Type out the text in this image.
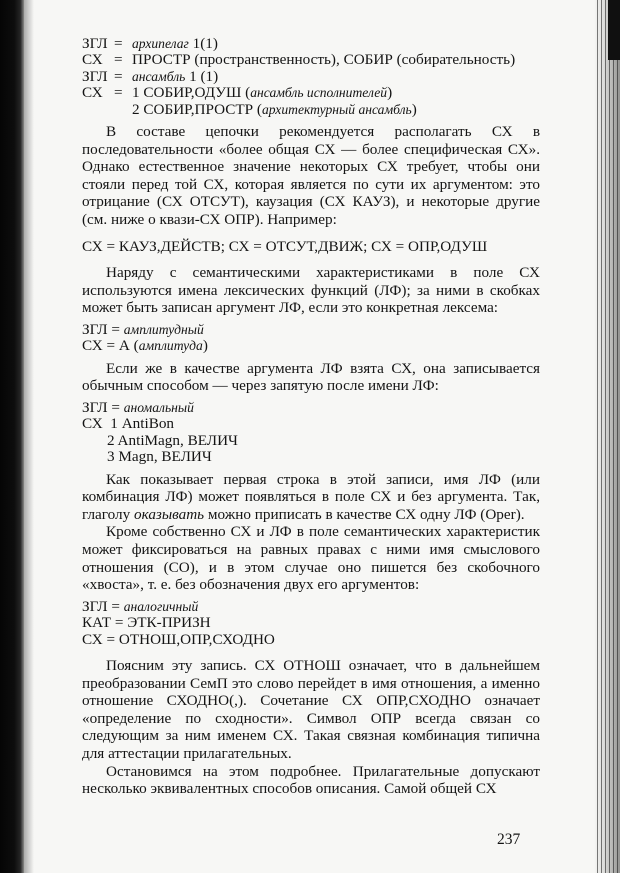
ЗГЛ = архипелаг 1(1)
СХ = ПРОСТР (пространственность), СОБИР (собирательность)
ЗГЛ = ансамбль 1 (1)
СХ = 1 СОБИР,ОДУШ (ансамбль исполнителей)
2 СОБИР,ПРОСТР (архитектурный ансамбль)

В составе цепочки рекомендуется располагать СХ в последовательности «более общая СХ — более специфическая СХ». Однако естественное значение некоторых СХ требует, чтобы они стояли перед той СХ, которая является по сути их аргументом: это отрицание (СХ ОТСУТ), каузация (СХ КАУЗ), и некоторые другие (см. ниже о квази-СХ ОПР). Например:

СХ = КАУЗ,ДЕЙСТВ; СХ = ОТСУТ,ДВИЖ; СХ = ОПР,ОДУШ

Наряду с семантическими характеристиками в поле СХ используются имена лексических функций (ЛФ); за ними в скобках может быть записан аргумент ЛФ, если это конкретная лексема:

ЗГЛ = амплитудный
СХ = А (амплитуда)

Если же в качестве аргумента ЛФ взята СХ, она записывается обычным способом — через запятую после имени ЛФ:

ЗГЛ = аномальный
СХ  1 AntiBon
2 AntiMagn, ВЕЛИЧ
3 Magn, ВЕЛИЧ

Как показывает первая строка в этой записи, имя ЛФ (или комбинация ЛФ) может появляться в поле СХ и без аргумента. Так, глаголу оказывать можно приписать в качестве СХ одну ЛФ (Oper).

Кроме собственно СХ и ЛФ в поле семантических характеристик может фиксироваться на равных правах с ними имя смыслового отношения (СО), и в этом случае оно пишется без скобочного «хвоста», т. е. без обозначения двух его аргументов:

ЗГЛ = аналогичный
КАТ = ЭТК-ПРИЗН
СХ = ОТНОШ,ОПР,СХОДНО

Поясним эту запись. СХ ОТНОШ означает, что в дальнейшем преобразовании СемП это слово перейдет в имя отношения, а именно отношение СХОДНО(,). Сочетание СХ ОПР,СХОДНО означает «определение по сходности». Символ ОПР всегда связан со следующим за ним именем СХ. Такая связная комбинация типична для аттестации прилагательных.

Остановимся на этом подробнее. Прилагательные допускают несколько эквивалентных способов описания. Самой общей СХ

237
